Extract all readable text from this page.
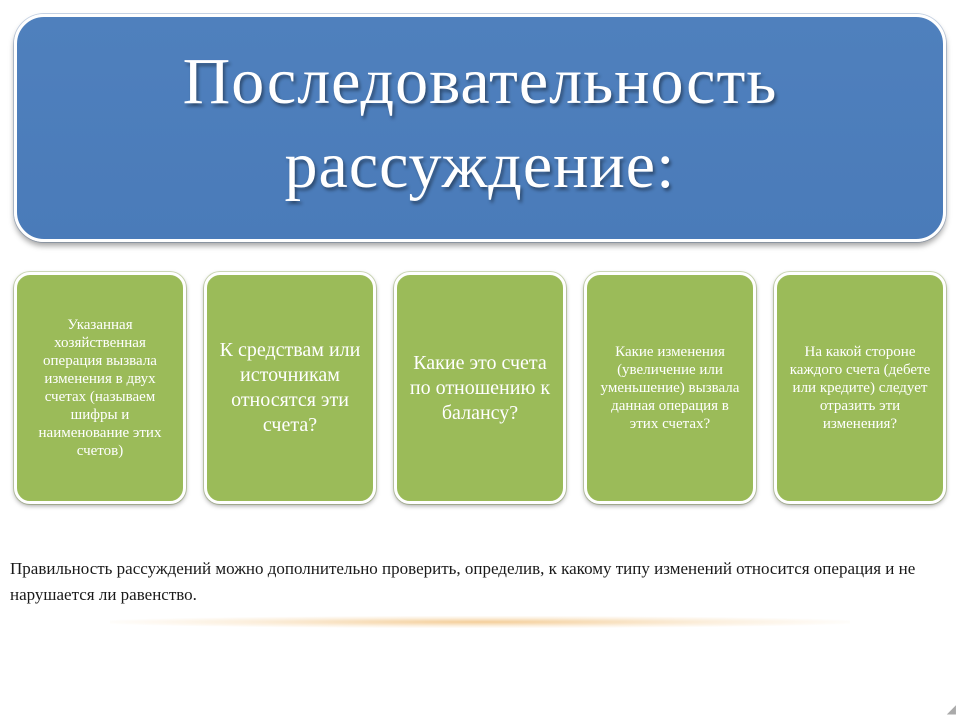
Последовательность
рассуждение:
Указанная хозяйственная операция вызвала изменения в двух счетах (называем шифры и наименование этих счетов)
К средствам или источникам относятся эти счета?
Какие это счета по отношению к балансу?
Какие изменения (увеличение или уменьшение) вызвала данная операция в этих счетах?
На какой стороне каждого счета (дебете или кредите) следует отразить эти изменения?
Правильность рассуждений можно дополнительно проверить, определив, к какому типу изменений относится операция и не нарушается ли равенство.
◢
